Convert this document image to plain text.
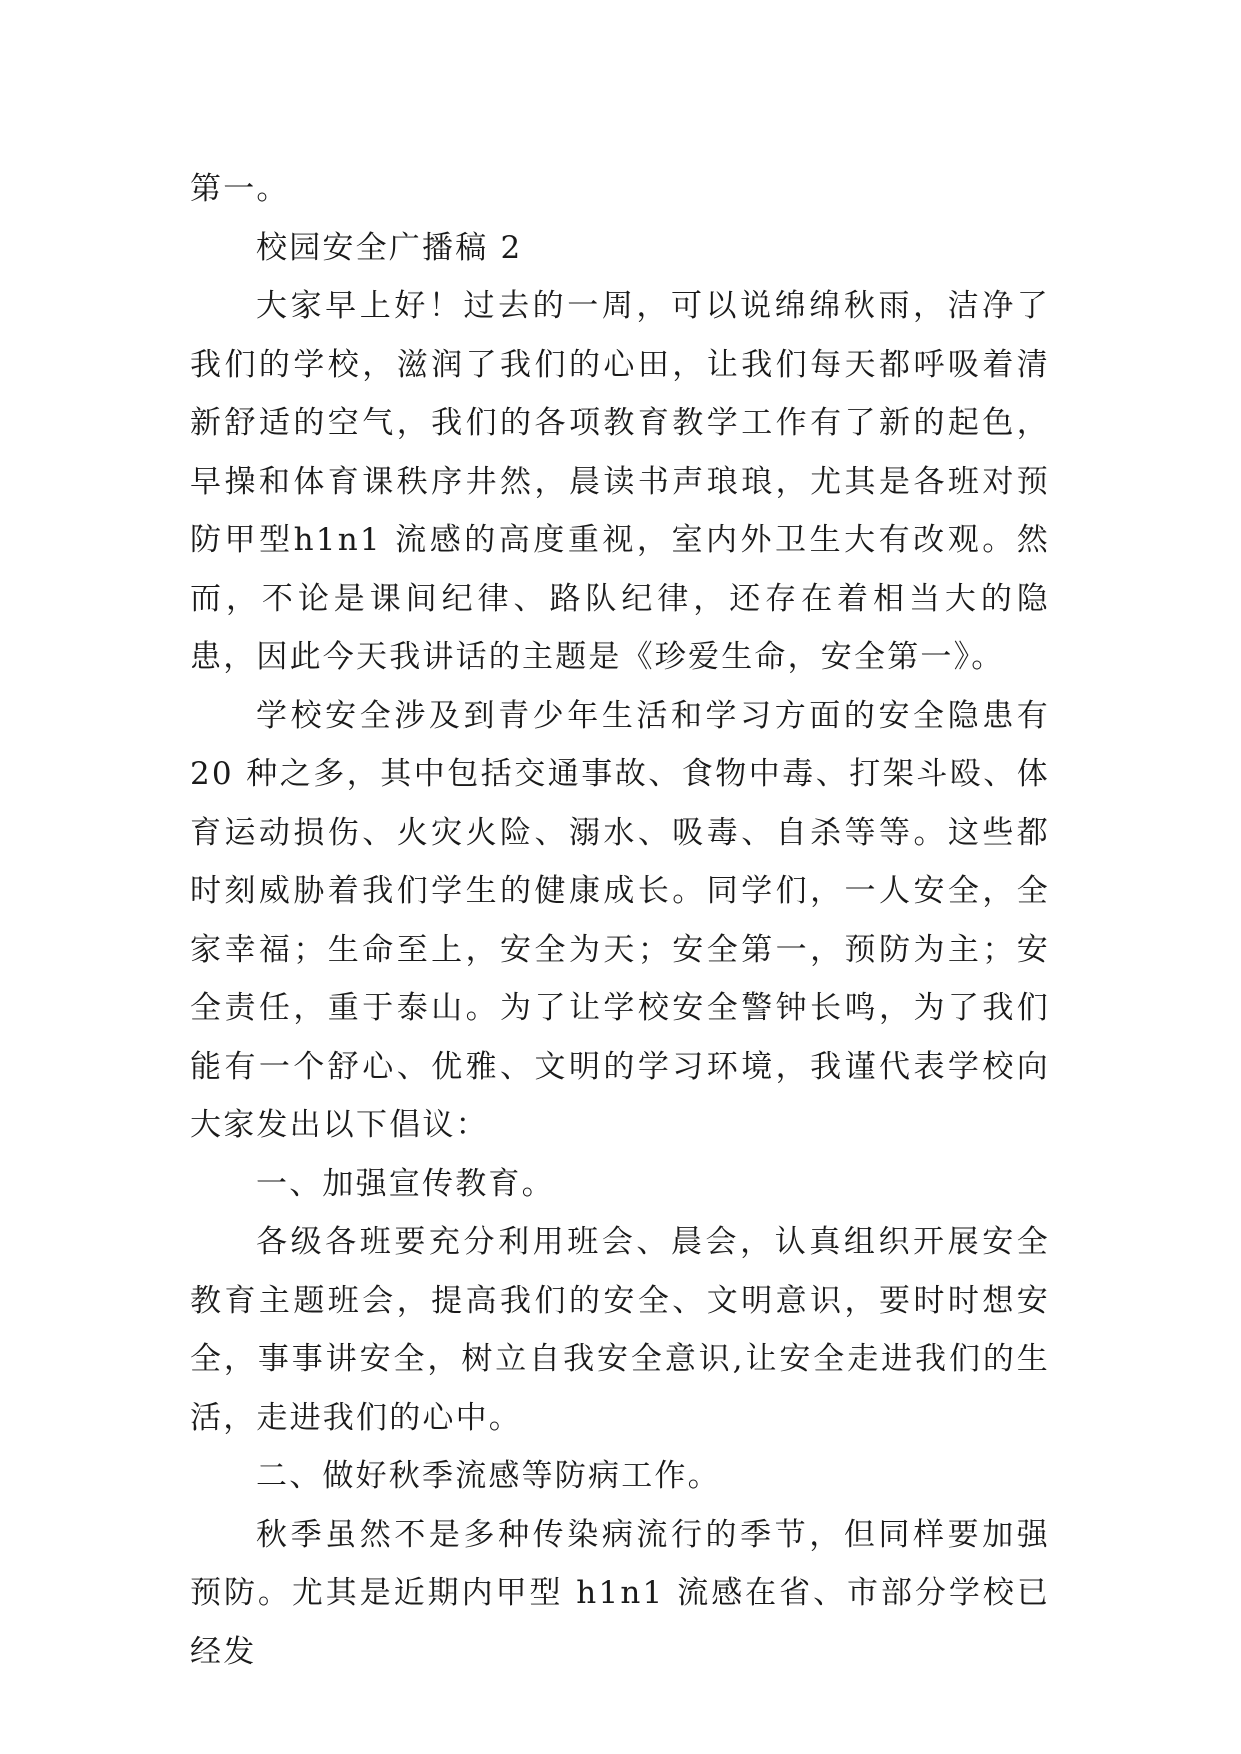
第一。

校园安全广播稿 2

大家早上好！过去的一周，可以说绵绵秋雨，洁净了我们的学校，滋润了我们的心田，让我们每天都呼吸着清新舒适的空气，我们的各项教育教学工作有了新的起色，早操和体育课秩序井然，晨读书声琅琅，尤其是各班对预防甲型h1n1 流感的高度重视，室内外卫生大有改观。然而，不论是课间纪律、路队纪律，还存在着相当大的隐患，因此今天我讲话的主题是《珍爱生命，安全第一》。

学校安全涉及到青少年生活和学习方面的安全隐患有 20 种之多，其中包括交通事故、食物中毒、打架斗殴、体育运动损伤、火灾火险、溺水、吸毒、自杀等等。这些都时刻威胁着我们学生的健康成长。同学们，一人安全，全家幸福；生命至上，安全为天；安全第一，预防为主；安全责任，重于泰山。为了让学校安全警钟长鸣，为了我们能有一个舒心、优雅、文明的学习环境，我谨代表学校向大家发出以下倡议：

一、加强宣传教育。

各级各班要充分利用班会、晨会，认真组织开展安全教育主题班会，提高我们的安全、文明意识，要时时想安全，事事讲安全，树立自我安全意识,让安全走进我们的生活，走进我们的心中。

二、做好秋季流感等防病工作。

秋季虽然不是多种传染病流行的季节，但同样要加强预防。尤其是近期内甲型 h1n1 流感在省、市部分学校已经发
